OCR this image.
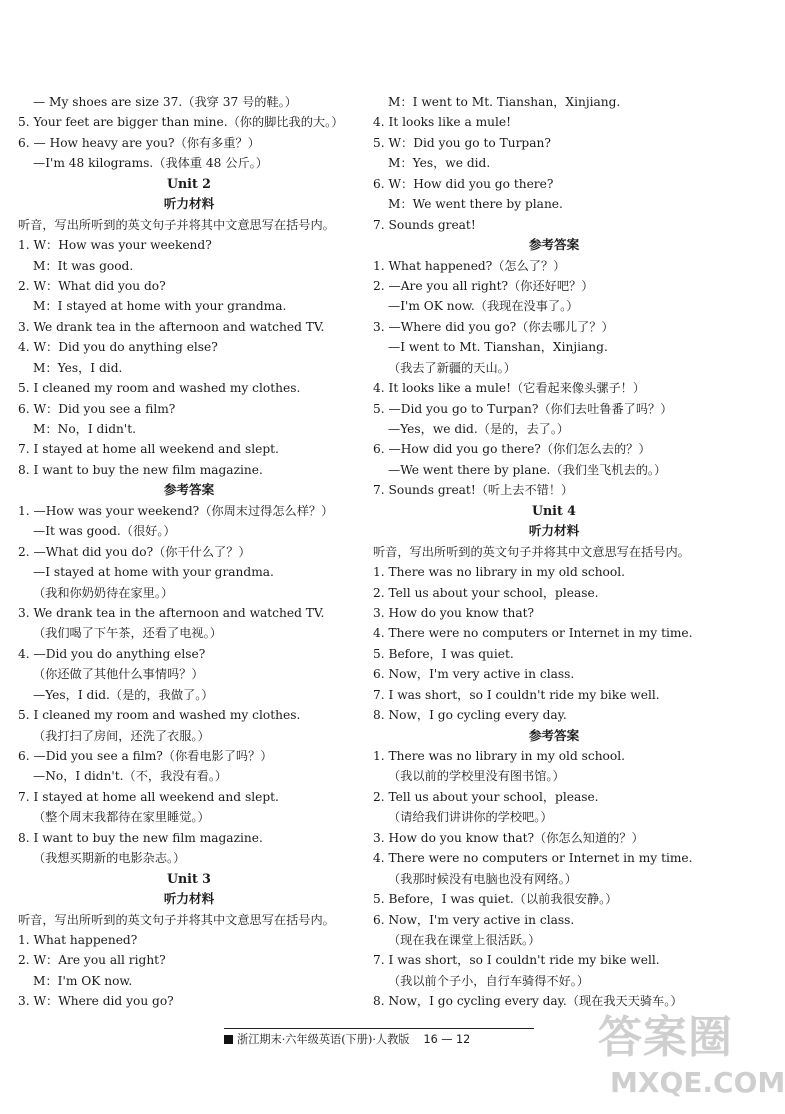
— My shoes are size 37.（我穿 37 号的鞋。）
5. Your feet are bigger than mine.（你的脚比我的大。）
6. — How heavy are you?（你有多重？）
—I'm 48 kilograms.（我体重 48 公斤。）
Unit 2
听力材料
听音，写出所听到的英文句子并将其中文意思写在括号内。
1. W：How was your weekend?
M：It was good.
2. W：What did you do?
M：I stayed at home with your grandma.
3. We drank tea in the afternoon and watched TV.
4. W：Did you do anything else?
M：Yes，I did.
5. I cleaned my room and washed my clothes.
6. W：Did you see a film?
M：No，I didn't.
7. I stayed at home all weekend and slept.
8. I want to buy the new film magazine.
参考答案
1. —How was your weekend?（你周末过得怎么样？）
—It was good.（很好。）
2. —What did you do?（你干什么了？）
—I stayed at home with your grandma.
（我和你奶奶待在家里。）
3. We drank tea in the afternoon and watched TV.
（我们喝了下午茶，还看了电视。）
4. —Did you do anything else?
（你还做了其他什么事情吗？）
—Yes，I did.（是的，我做了。）
5. I cleaned my room and washed my clothes.
（我打扫了房间，还洗了衣服。）
6. —Did you see a film?（你看电影了吗？）
—No，I didn't.（不，我没有看。）
7. I stayed at home all weekend and slept.
（整个周末我都待在家里睡觉。）
8. I want to buy the new film magazine.
（我想买期新的电影杂志。）
Unit 3
听力材料
听音，写出所听到的英文句子并将其中文意思写在括号内。
1. What happened?
2. W：Are you all right?
M：I'm OK now.
3. W：Where did you go?
M：I went to Mt. Tianshan，Xinjiang.
4. It looks like a mule!
5. W：Did you go to Turpan?
M：Yes，we did.
6. W：How did you go there?
M：We went there by plane.
7. Sounds great!
参考答案
1. What happened?（怎么了？）
2. —Are you all right?（你还好吧？）
—I'm OK now.（我现在没事了。）
3. —Where did you go?（你去哪儿了？）
—I went to Mt. Tianshan，Xinjiang.
（我去了新疆的天山。）
4. It looks like a mule!（它看起来像头骡子！）
5. —Did you go to Turpan?（你们去吐鲁番了吗？）
—Yes，we did.（是的，去了。）
6. —How did you go there?（你们怎么去的？）
—We went there by plane.（我们坐飞机去的。）
7. Sounds great!（听上去不错！）
Unit 4
听力材料
听音，写出所听到的英文句子并将其中文意思写在括号内。
1. There was no library in my old school.
2. Tell us about your school，please.
3. How do you know that?
4. There were no computers or Internet in my time.
5. Before，I was quiet.
6. Now，I'm very active in class.
7. I was short，so I couldn't ride my bike well.
8. Now，I go cycling every day.
参考答案
1. There was no library in my old school.
（我以前的学校里没有图书馆。）
2. Tell us about your school，please.
（请给我们讲讲你的学校吧。）
3. How do you know that?（你怎么知道的？）
4. There were no computers or Internet in my time.
（我那时候没有电脑也没有网络。）
5. Before，I was quiet.（以前我很安静。）
6. Now，I'm very active in class.
（现在我在课堂上很活跃。）
7. I was short，so I couldn't ride my bike well.
（我以前个子小，自行车骑得不好。）
8. Now，I go cycling every day.（现在我天天骑车。）
浙江期末·六年级英语(下册)·人教版 16 — 12	答案圈
MXQE.COM
